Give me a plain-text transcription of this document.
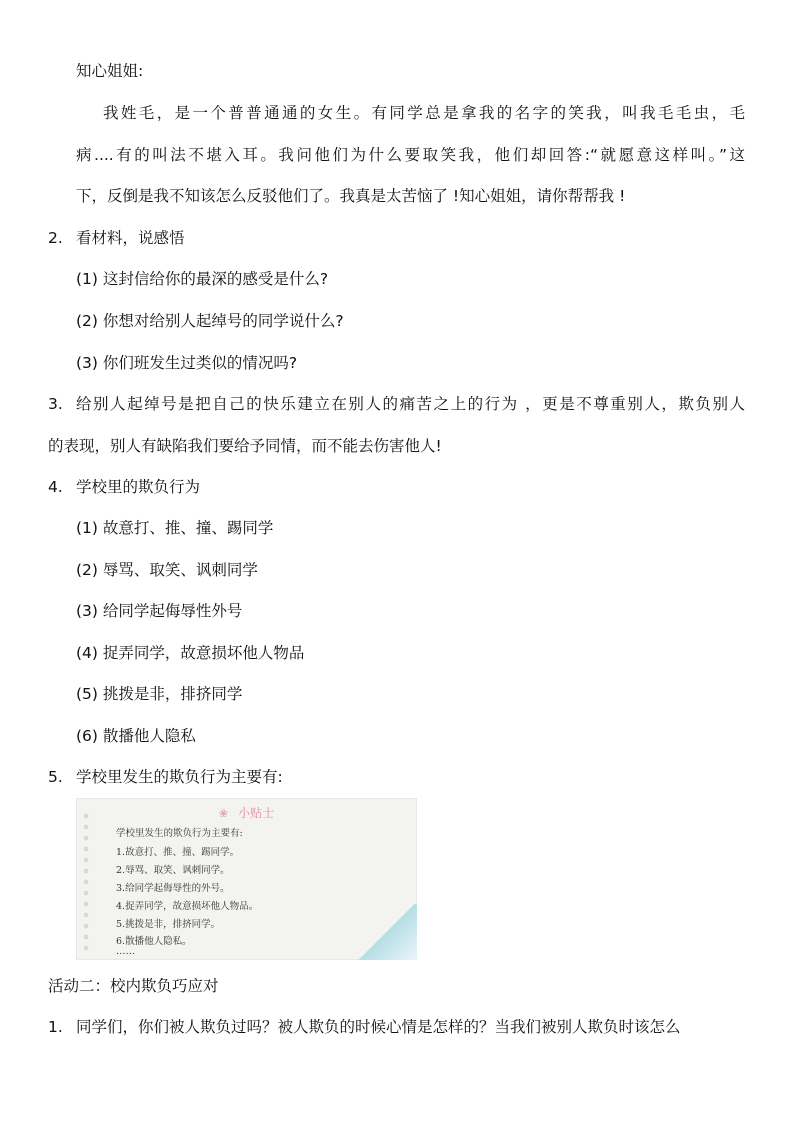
知心姐姐:
我姓毛，是一个普普通通的女生。有同学总是拿我的名字的笑我，叫我毛毛虫，毛
病....有的叫法不堪入耳。我问他们为什么要取笑我，他们却回答:“就愿意这样叫。”这
下，反倒是我不知该怎么反驳他们了。我真是太苦恼了 !知心姐姐，请你帮帮我 !
2. 看材料，说感悟
(1) 这封信给你的最深的感受是什么?
(2) 你想对给别人起绰号的同学说什么?
(3) 你们班发生过类似的情况吗?
3. 给别人起绰号是把自己的快乐建立在别人的痛苦之上的行为 ，更是不尊重别人，欺负别人
的表现，别人有缺陷我们要给予同情，而不能去伤害他人!
4. 学校里的欺负行为
(1) 故意打、推、撞、踢同学
(2) 辱骂、取笑、讽刺同学
(3) 给同学起侮辱性外号
(4) 捉弄同学，故意损坏他人物品
(5) 挑拨是非，排挤同学
(6) 散播他人隐私
5. 学校里发生的欺负行为主要有:
❀ 小贴士
学校里发生的欺负行为主要有:
1.故意打、推、撞、踢同学。
2.辱骂、取笑、讽刺同学。
3.给同学起侮辱性的外号。
4.捉弄同学，故意损坏他人物品。
5.挑拨是非，排挤同学。
6.散播他人隐私。
……
活动二：校内欺负巧应对
1. 同学们，你们被人欺负过吗？被人欺负的时候心情是怎样的？当我们被别人欺负时该怎么
